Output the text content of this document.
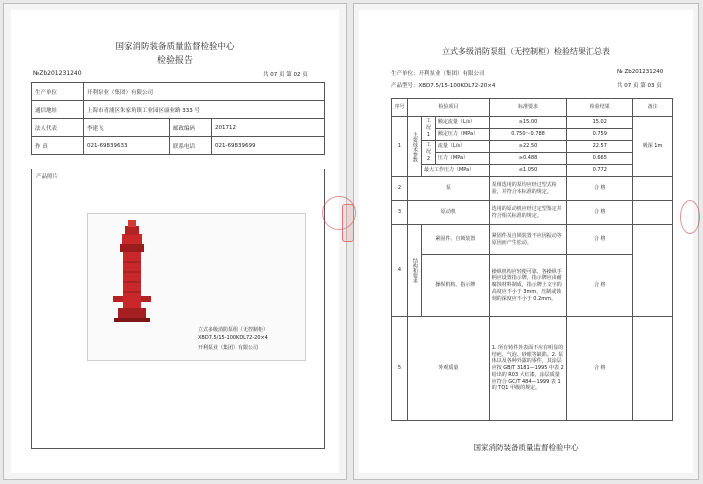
国家消防装备质量监督检验中心
检验报告
№Zb201231240	共 07 页 第 02 页
生产单位	开利泵业（集团）有限公司		
通信地址	上海市青浦区朱家角镇工业园区康业路 333 号		
法人代表	李建飞	邮政编码	201712
作 真	021-69839633	联系电话	021-69839699
产品照片
立式多级消防泵组（无控制柜）
XBD7.5/15-100KDL72-20×4
开利泵业（集团）有限公司
立式多级消防泵组（无控制柜）检验结果汇总表
生产单位：开利泵业（集团）有限公司	№ Zb201231240
产品型号：XBD7.5/15-100KDL72-20×4	共 07 页 第 03 页
序号	检验项目			标准要求	检验结果	备注
1	主要技术参数	工况 1	额定流量（L/s）	≥15.00	15.02	吸深 1m
			额定压力（MPa）	0.750～0.788	0.759	
		工况 2	流量（L/s）	≥22.50	22.57	
			压力（MPa）	≥0.488	0.665	
		最大工作压力（MPa）		≤1.050	0.772	
2	泵			泵组选用的泵均应经过型式检验，并符合本标准的规定。	合 格	
3	原动机			选用的原动机应经过定型鉴定并符合相关标准的规定。	合 格	
4	结构和要求	紧固件、自锁装置		紧固件及自锁装置不应因振动等原因而产生松动。	合 格	
		操纵机构、指示牌		操纵机构应轻便可靠，各操纵手柄应设置指示牌，指示牌应由耐腐蚀材料制成，指示牌上文字的高度应不小于 3mm，压制或蚀刻的深度应不小于 0.2mm。	合 格	
5	外观质量			1. 所有铸件外表面不应有明显的结疤、气泡、砂眼等缺陷。2. 泵体以及各种外露的零件，其涂层应按 GB/T 3181—1995 中表 2 给出的 R03 大红漆，涂层质量应符合 GC/T 484—1999 表 1 的 TQ1 甲级的规定。	合 格	
国家消防装备质量监督检验中心
